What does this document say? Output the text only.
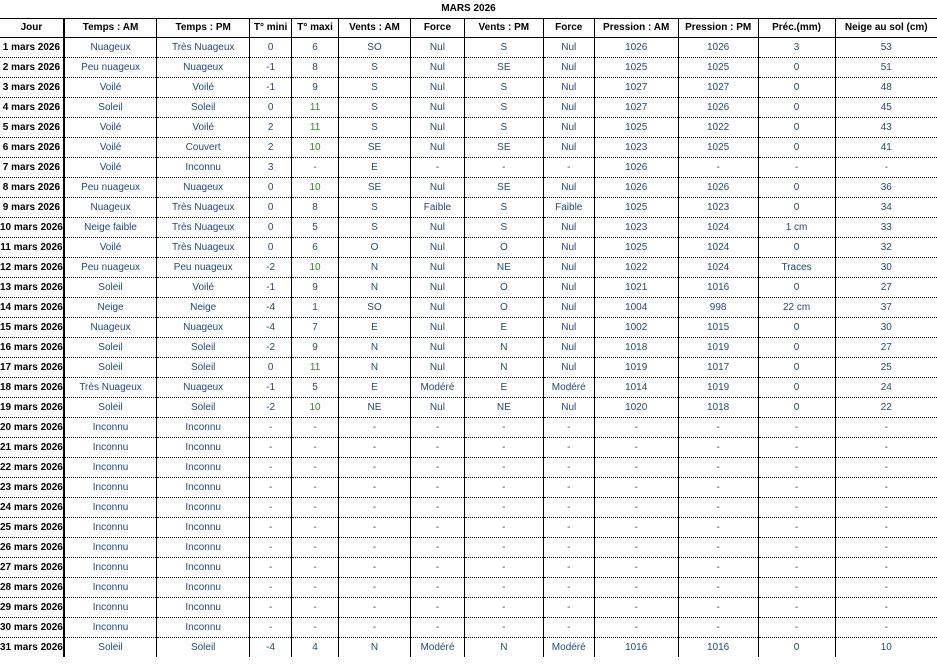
MARS 2026												
Jour	Temps : AM	Temps : PM	T° mini	T° maxi	Vents : AM	Force	Vents : PM	Force	Pression : AM	Pression : PM	Préc.(mm)	Neige au sol (cm)
1 mars 2026	Nuageux	Très Nuageux	0	6	SO	Nul	S	Nul	1026	1026	3	53
2 mars 2026	Peu nuageux	Nuageux	-1	8	S	Nul	SE	Nul	1025	1025	0	51
3 mars 2026	Voilé	Voilé	-1	9	S	Nul	S	Nul	1027	1027	0	48
4 mars 2026	Soleil	Soleil	0	11	S	Nul	S	Nul	1027	1026	0	45
5 mars 2026	Voilé	Voilé	2	11	S	Nul	S	Nul	1025	1022	0	43
6 mars 2026	Voilé	Couvert	2	10	SE	Nul	SE	Nul	1023	1025	0	41
7 mars 2026	Voilé	Inconnu	3	-	E	-	-	-	1026	-	-	-
8 mars 2026	Peu nuageux	Nuageux	0	10	SE	Nul	SE	Nul	1026	1026	0	36
9 mars 2026	Nuageux	Très Nuageux	0	8	S	Faible	S	Faible	1025	1023	0	34
10 mars 2026	Neige faible	Très Nuageux	0	5	S	Nul	S	Nul	1023	1024	1 cm	33
11 mars 2026	Voilé	Très Nuageux	0	6	O	Nul	O	Nul	1025	1024	0	32
12 mars 2026	Peu nuageux	Peu nuageux	-2	10	N	Nul	NE	Nul	1022	1024	Traces	30
13 mars 2026	Soleil	Voilé	-1	9	N	Nul	O	Nul	1021	1016	0	27
14 mars 2026	Neige	Neige	-4	1	SO	Nul	O	Nul	1004	998	22 cm	37
15 mars 2026	Nuageux	Nuageux	-4	7	E	Nul	E	Nul	1002	1015	0	30
16 mars 2026	Soleil	Soleil	-2	9	N	Nul	N	Nul	1018	1019	0	27
17 mars 2026	Soleil	Soleil	0	11	N	Nul	N	Nul	1019	1017	0	25
18 mars 2026	Très Nuageux	Nuageux	-1	5	E	Modéré	E	Modéré	1014	1019	0	24
19 mars 2026	Soleil	Soleil	-2	10	NE	Nul	NE	Nul	1020	1018	0	22
20 mars 2026	Inconnu	Inconnu	-	-	-	-	-	-	-	-	-	-
21 mars 2026	Inconnu	Inconnu	-	-	-	-	-	-	-	-	-	-
22 mars 2026	Inconnu	Inconnu	-	-	-	-	-	-	-	-	-	-
23 mars 2026	Inconnu	Inconnu	-	-	-	-	-	-	-	-	-	-
24 mars 2026	Inconnu	Inconnu	-	-	-	-	-	-	-	-	-	-
25 mars 2026	Inconnu	Inconnu	-	-	-	-	-	-	-	-	-	-
26 mars 2026	Inconnu	Inconnu	-	-	-	-	-	-	-	-	-	-
27 mars 2026	Inconnu	Inconnu	-	-	-	-	-	-	-	-	-	-
28 mars 2026	Inconnu	Inconnu	-	-	-	-	-	-	-	-	-	-
29 mars 2026	Inconnu	Inconnu	-	-	-	-	-	-	-	-	-	-
30 mars 2026	Inconnu	Inconnu	-	-	-	-	-	-	-	-	-	-
31 mars 2026	Soleil	Soleil	-4	4	N	Modéré	N	Modéré	1016	1016	0	10
